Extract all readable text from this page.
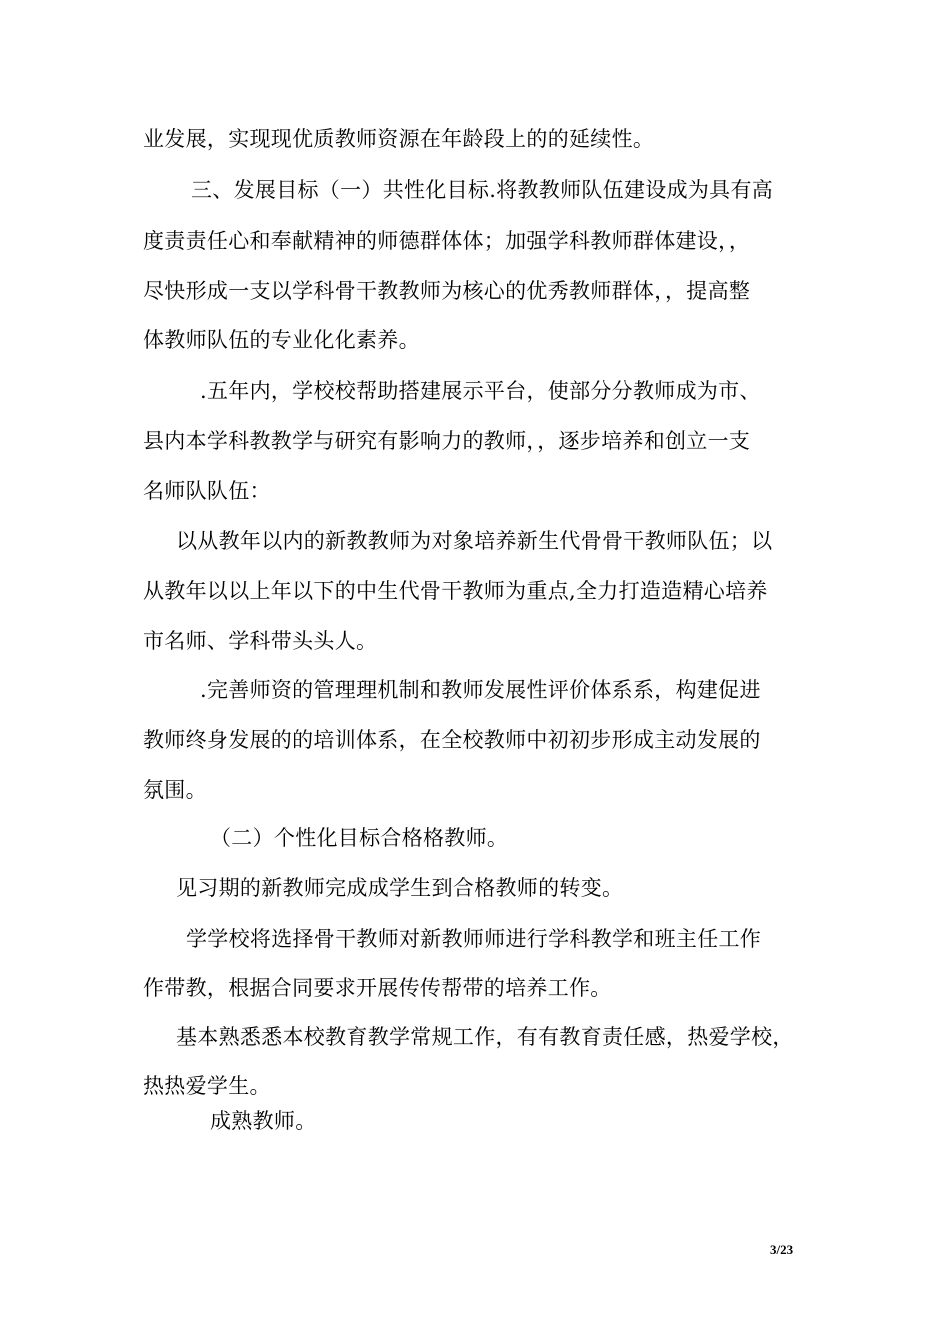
业发展，实现现优质教师资源在年龄段上的的延续性。
三、发展目标（一）共性化目标.将教教师队伍建设成为具有高
度责责任心和奉献精神的师德群体体；加强学科教师群体建设，，
尽快形成一支以学科骨干教教师为核心的优秀教师群体，，提高整
体教师队伍的专业化化素养。
.五年内，学校校帮助搭建展示平台，使部分分教师成为市、
县内本学科教教学与研究有影响力的教师，，逐步培养和创立一支
名师队队伍：
以从教年以内的新教教师为对象培养新生代骨骨干教师队伍；以
从教年以以上年以下的中生代骨干教师为重点,全力打造造精心培养
市名师、学科带头头人。
.完善师资的管理理机制和教师发展性评价体系系，构建促进
教师终身发展的的培训体系，在全校教师中初初步形成主动发展的
氛围。
（二）个性化目标合格格教师。
见习期的新教师完成成学生到合格教师的转变。
学学校将选择骨干教师对新教师师进行学科教学和班主任工作
作带教，根据合同要求开展传传帮带的培养工作。
基本熟悉悉本校教育教学常规工作，有有教育责任感，热爱学校，
热热爱学生。
成熟教师。
3/23
